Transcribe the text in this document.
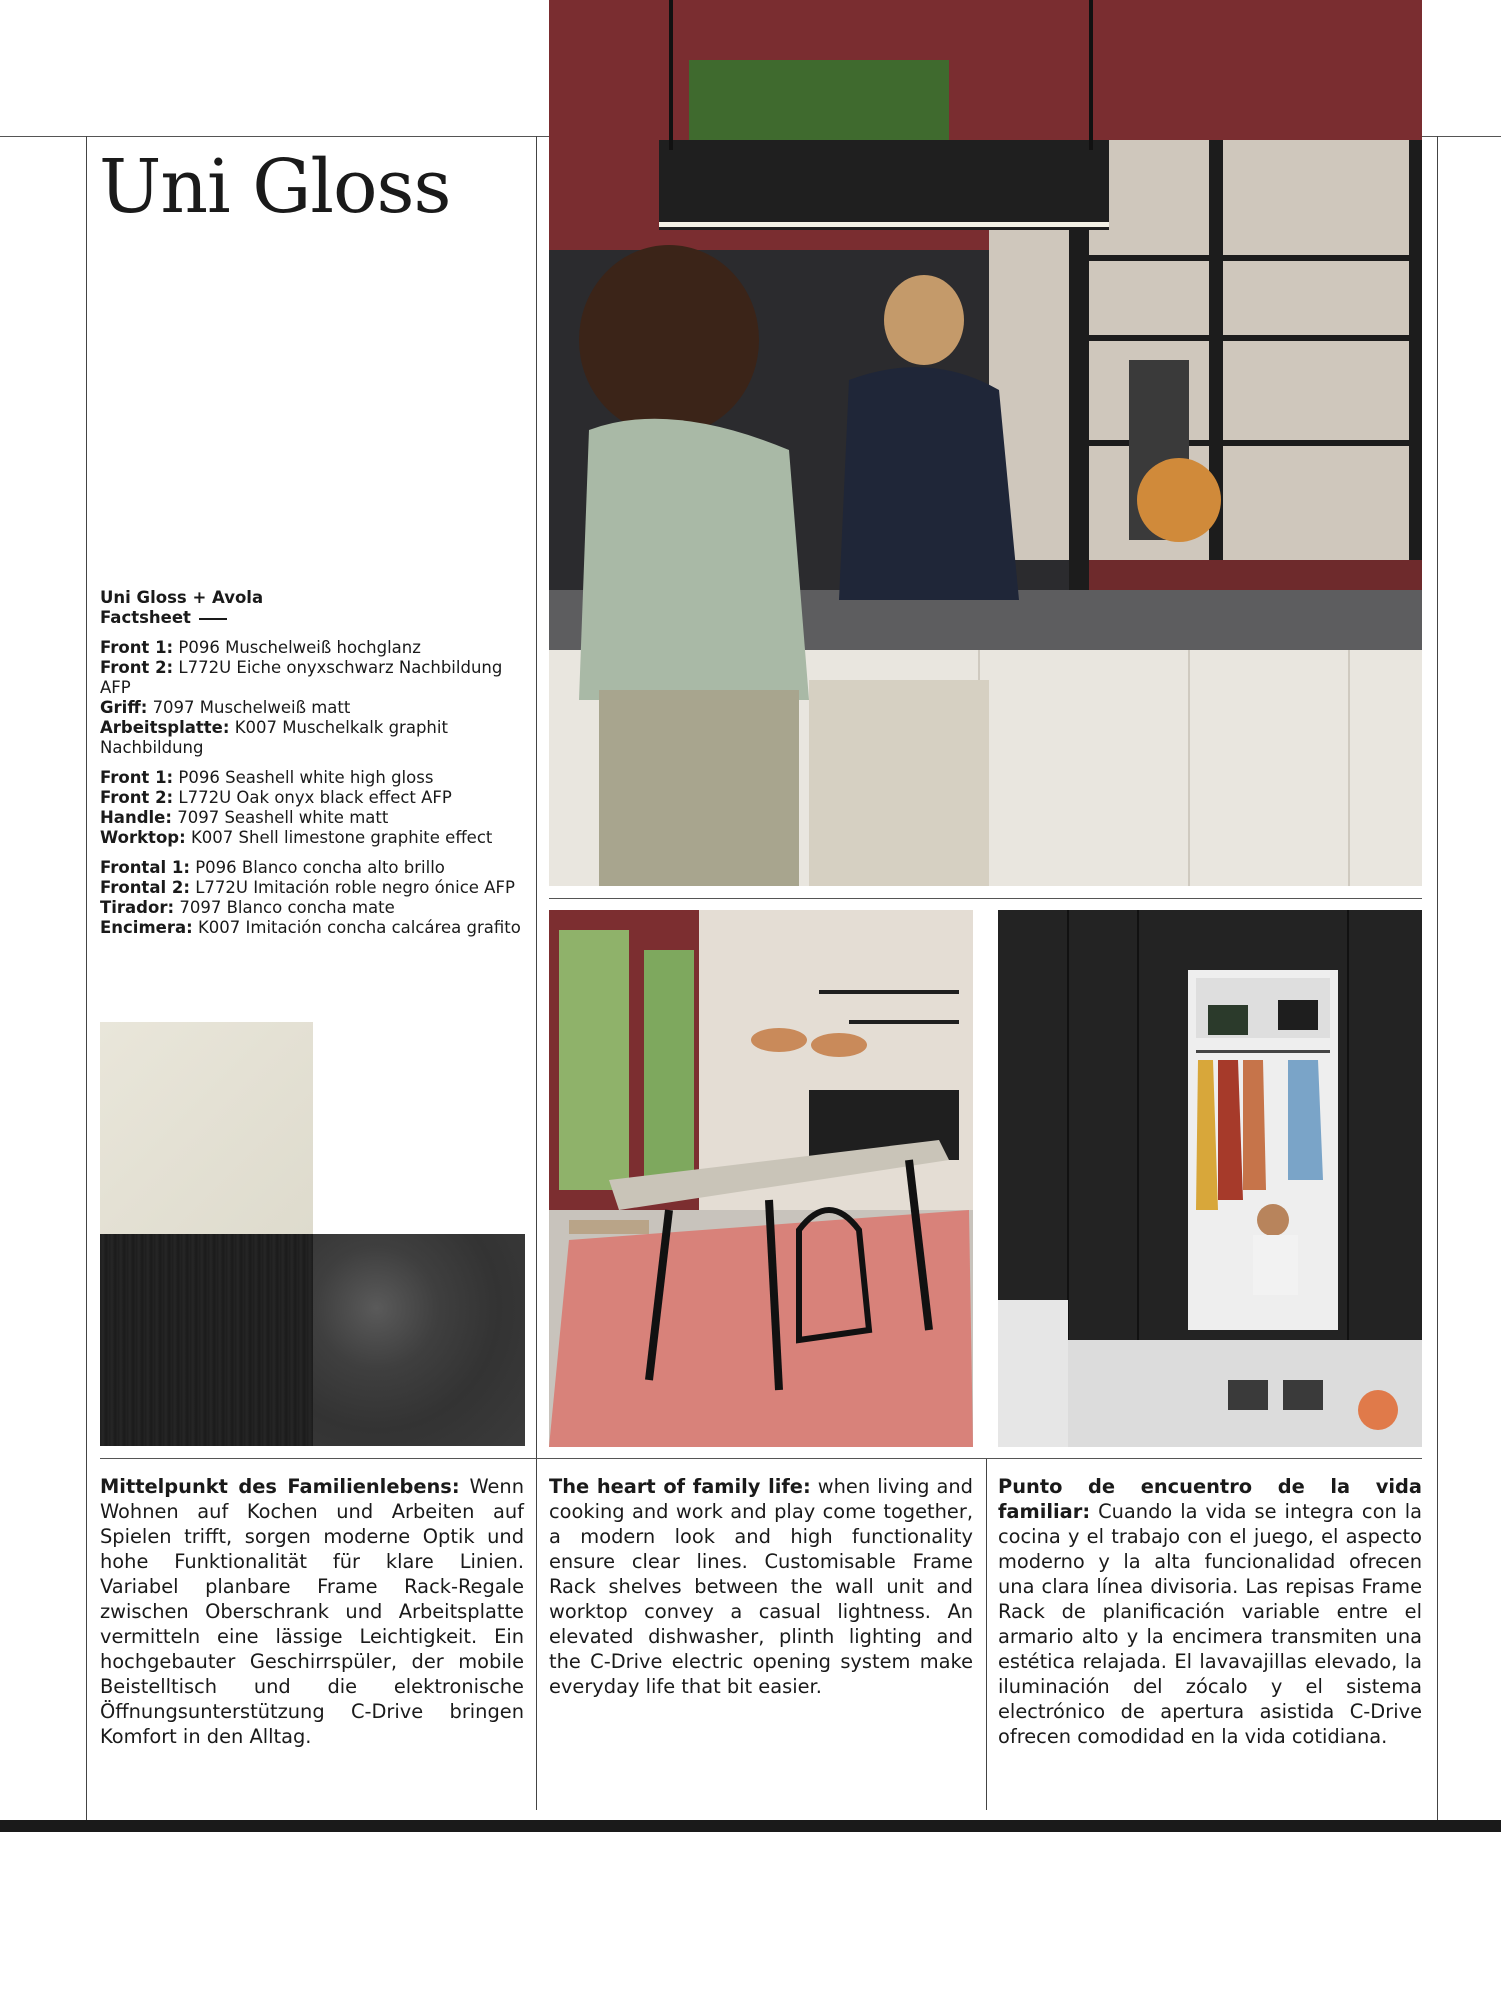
Uni Gloss
Uni Gloss + Avola
Factsheet
Front 1: P096 Muschelweiß hochglanz
Front 2: L772U Eiche onyxschwarz Nachbildung AFP
Griff: 7097 Muschelweiß matt
Arbeitsplatte: K007 Muschelkalk graphit Nachbildung
Front 1: P096 Seashell white high gloss
Front 2: L772U Oak onyx black effect AFP
Handle: 7097 Seashell white matt
Worktop: K007 Shell limestone graphite effect
Frontal 1: P096 Blanco concha alto brillo
Frontal 2: L772U Imitación roble negro ónice AFP
Tirador: 7097 Blanco concha mate
Encimera: K007 Imitación concha calcárea grafito
Mittelpunkt des Familienlebens: Wenn Wohnen auf Kochen und Arbeiten auf Spielen trifft, sorgen moderne Optik und hohe Funktionalität für klare Linien. Variabel planbare Frame Rack-Regale zwischen Oberschrank und Arbeitsplatte vermitteln eine lässige Leichtigkeit. Ein hochgebauter Geschirrspüler, der mobile Beistelltisch und die elektronische Öffnungsunterstützung C-Drive bringen Komfort in den Alltag.
The heart of family life: when living and cooking and work and play come together, a modern look and high functionality ensure clear lines. Customisable Frame Rack shelves between the wall unit and worktop convey a casual lightness. An elevated dishwasher, plinth lighting and the C-Drive electric opening system make everyday life that bit easier.
Punto de encuentro de la vida familiar: Cuando la vida se integra con la cocina y el trabajo con el juego, el aspecto moderno y la alta funcionalidad ofrecen una clara línea divisoria. Las repisas Frame Rack de planificación variable entre el armario alto y la encimera transmiten una estética relajada. El lavavajillas elevado, la iluminación del zócalo y el sistema electrónico de apertura asistida C-Drive ofrecen comodidad en la vida cotidiana.
